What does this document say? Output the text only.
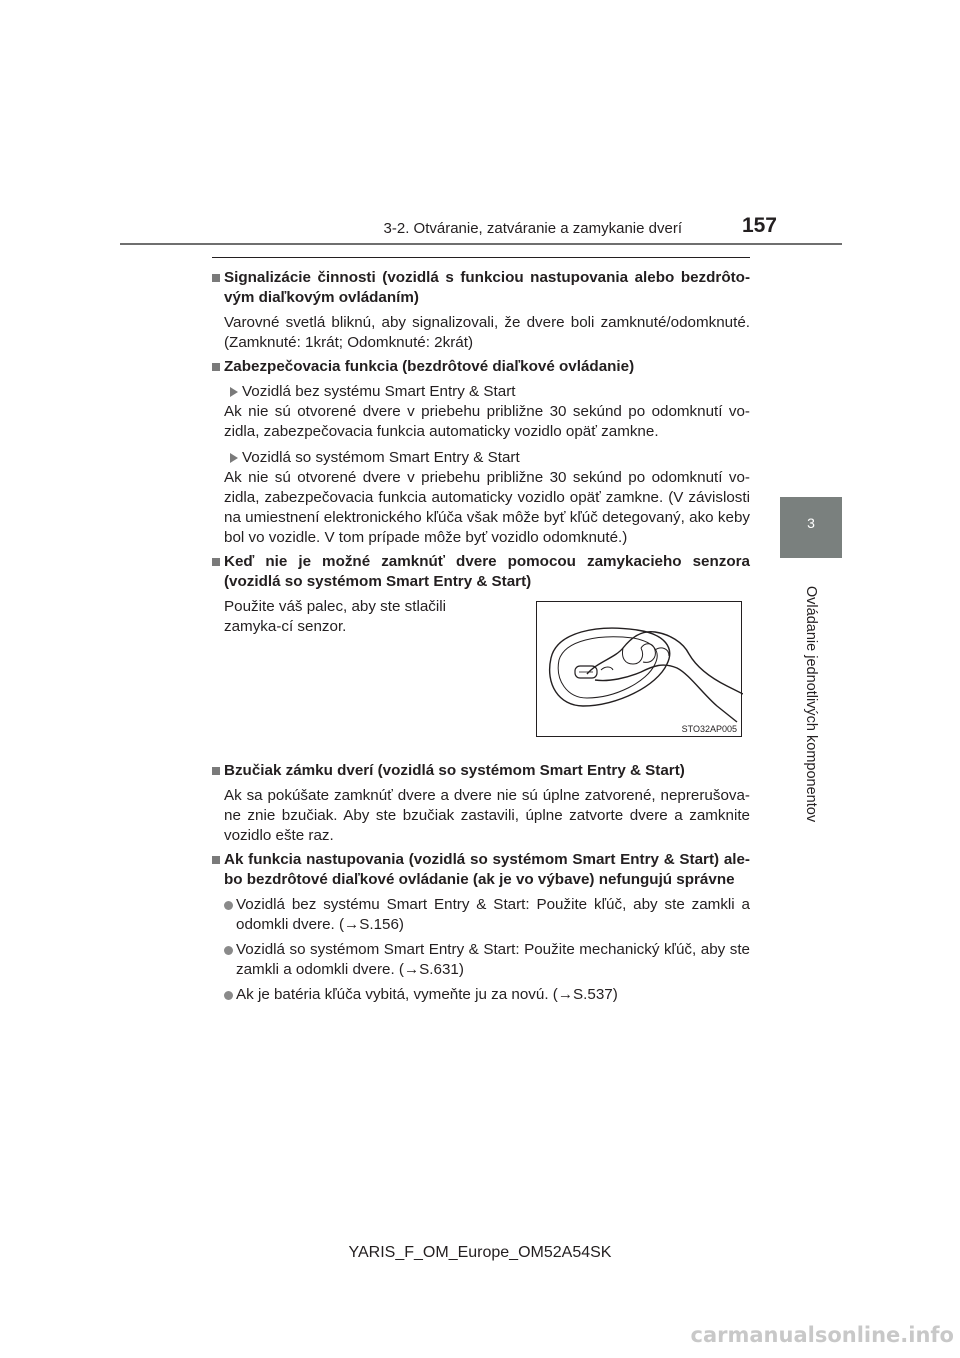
3-2. Otváranie, zatváranie a zamykanie dverí	157
3
Ovládanie jednotlivých komponentov
Signalizácie činnosti (vozidlá s funkciou nastupovania alebo bezdrôto-vým diaľkovým ovládaním)
Varovné svetlá bliknú, aby signalizovali, že dvere boli zamknuté/odomknuté. (Zamknuté: 1krát; Odomknuté: 2krát)
Zabezpečovacia funkcia (bezdrôtové diaľkové ovládanie)
Vozidlá bez systému Smart Entry & Start
Ak nie sú otvorené dvere v priebehu približne 30 sekúnd po odomknutí vo-zidla, zabezpečovacia funkcia automaticky vozidlo opäť zamkne.
Vozidlá so systémom Smart Entry & Start
Ak nie sú otvorené dvere v priebehu približne 30 sekúnd po odomknutí vo-zidla, zabezpečovacia funkcia automaticky vozidlo opäť zamkne. (V závislosti na umiestnení elektronického kľúča však môže byť kľúč detegovaný, ako keby bol vo vozidle. V tom prípade môže byť vozidlo odomknuté.)
Keď nie je možné zamknúť dvere pomocou zamykacieho senzora (vozidlá so systémom Smart Entry & Start)
Použite váš palec, aby ste stlačili zamyka-cí senzor.
STO32AP005
Bzučiak zámku dverí (vozidlá so systémom Smart Entry & Start)
Ak sa pokúšate zamknúť dvere a dvere nie sú úplne zatvorené, neprerušova-ne znie bzučiak. Aby ste bzučiak zastavili, úplne zatvorte dvere a zamknite vozidlo ešte raz.
Ak funkcia nastupovania (vozidlá so systémom Smart Entry & Start) ale-bo bezdrôtové diaľkové ovládanie (ak je vo výbave) nefungujú správne
Vozidlá bez systému Smart Entry & Start: Použite kľúč, aby ste zamkli a odomkli dvere. (→S.156)
Vozidlá so systémom Smart Entry & Start: Použite mechanický kľúč, aby ste zamkli a odomkli dvere. (→S.631)
Ak je batéria kľúča vybitá, vymeňte ju za novú. (→S.537)
YARIS_F_OM_Europe_OM52A54SK
carmanualsonline.info
